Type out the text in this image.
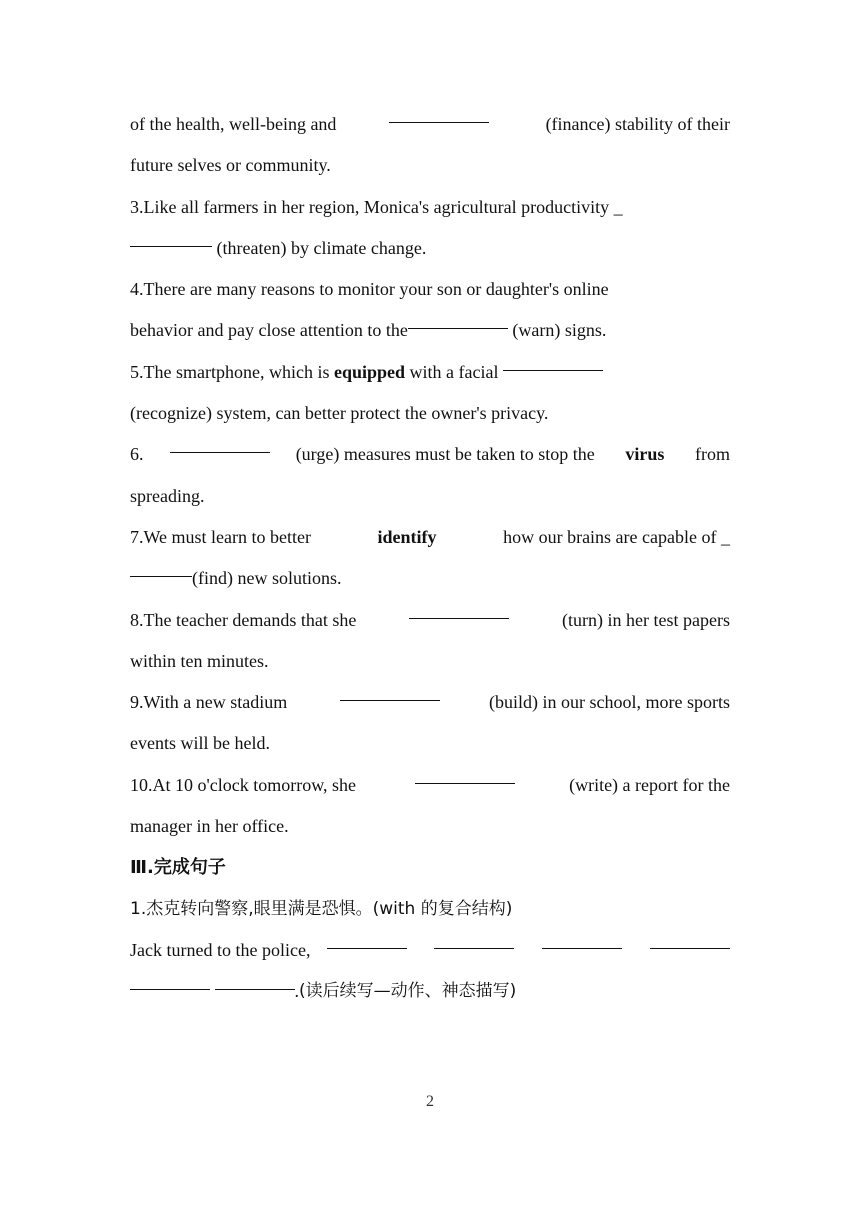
of the health, well-being and	(finance) stability of their
future selves or community.
3.Like all farmers in her region, Monica's agricultural productivity _
(threaten) by climate change.
4.There are many reasons to monitor your son or daughter's online
behavior and pay close attention to the	(warn) signs.
5.The smartphone, which is equipped with a facial
(recognize) system, can better protect the owner's privacy.
6.	(urge) measures must be taken to stop the virus from
spreading.
7.We must learn to better	identify	how our brains are capable of _
(find) new solutions.
8.The teacher demands that she	(turn) in her test papers
within ten minutes.
9.With a new stadium	(build) in our school, more sports
events will be held.
10.At 10 o'clock tomorrow, she	(write) a report for the
manager in her office.
Ⅲ.完成句子
1.杰克转向警察,眼里满是恐惧。(with 的复合结构)
Jack turned to the police,

. (读后续写—动作、神态描写)
2
